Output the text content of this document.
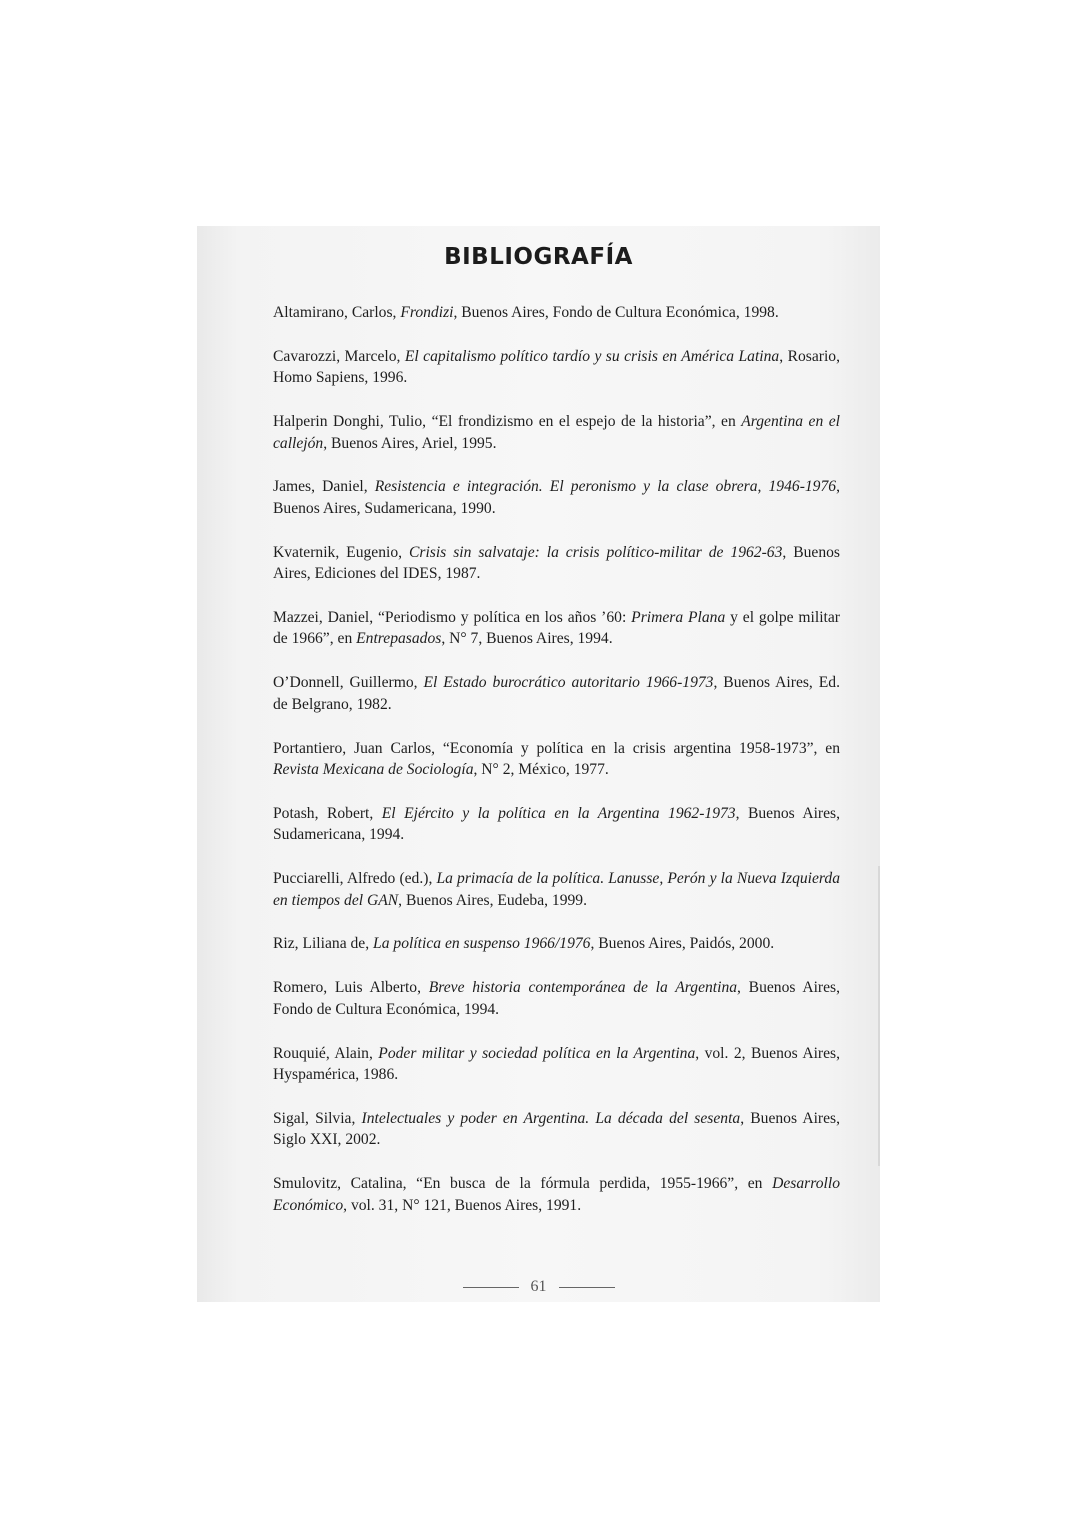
BIBLIOGRAFÍA
Altamirano, Carlos, Frondizi, Buenos Aires, Fondo de Cultura Económica, 1998.
Cavarozzi, Marcelo, El capitalismo político tardío y su crisis en América Latina, Rosario, Homo Sapiens, 1996.
Halperin Donghi, Tulio, “El frondizismo en el espejo de la historia”, en Argentina en el callejón, Buenos Aires, Ariel, 1995.
James, Daniel, Resistencia e integración. El peronismo y la clase obrera, 1946-1976, Buenos Aires, Sudamericana, 1990.
Kvaternik, Eugenio, Crisis sin salvataje: la crisis político-militar de 1962-63, Buenos Aires, Ediciones del IDES, 1987.
Mazzei, Daniel, “Periodismo y política en los años ’60: Primera Plana y el golpe militar de 1966”, en Entrepasados, N° 7, Buenos Aires, 1994.
O’Donnell, Guillermo, El Estado burocrático autoritario 1966-1973, Buenos Aires, Ed. de Belgrano, 1982.
Portantiero, Juan Carlos, “Economía y política en la crisis argentina 1958-1973”, en Revista Mexicana de Sociología, N° 2, México, 1977.
Potash, Robert, El Ejército y la política en la Argentina 1962-1973, Buenos Aires, Sudamericana, 1994.
Pucciarelli, Alfredo (ed.), La primacía de la política. Lanusse, Perón y la Nueva Izquierda en tiempos del GAN, Buenos Aires, Eudeba, 1999.
Riz, Liliana de, La política en suspenso 1966/1976, Buenos Aires, Paidós, 2000.
Romero, Luis Alberto, Breve historia contemporánea de la Argentina, Buenos Aires, Fondo de Cultura Económica, 1994.
Rouquié, Alain, Poder militar y sociedad política en la Argentina, vol. 2, Buenos Aires, Hyspamérica, 1986.
Sigal, Silvia, Intelectuales y poder en Argentina. La década del sesenta, Buenos Aires, Siglo XXI, 2002.
Smulovitz, Catalina, “En busca de la fórmula perdida, 1955-1966”, en Desarrollo Económico, vol. 31, N° 121, Buenos Aires, 1991.
61
